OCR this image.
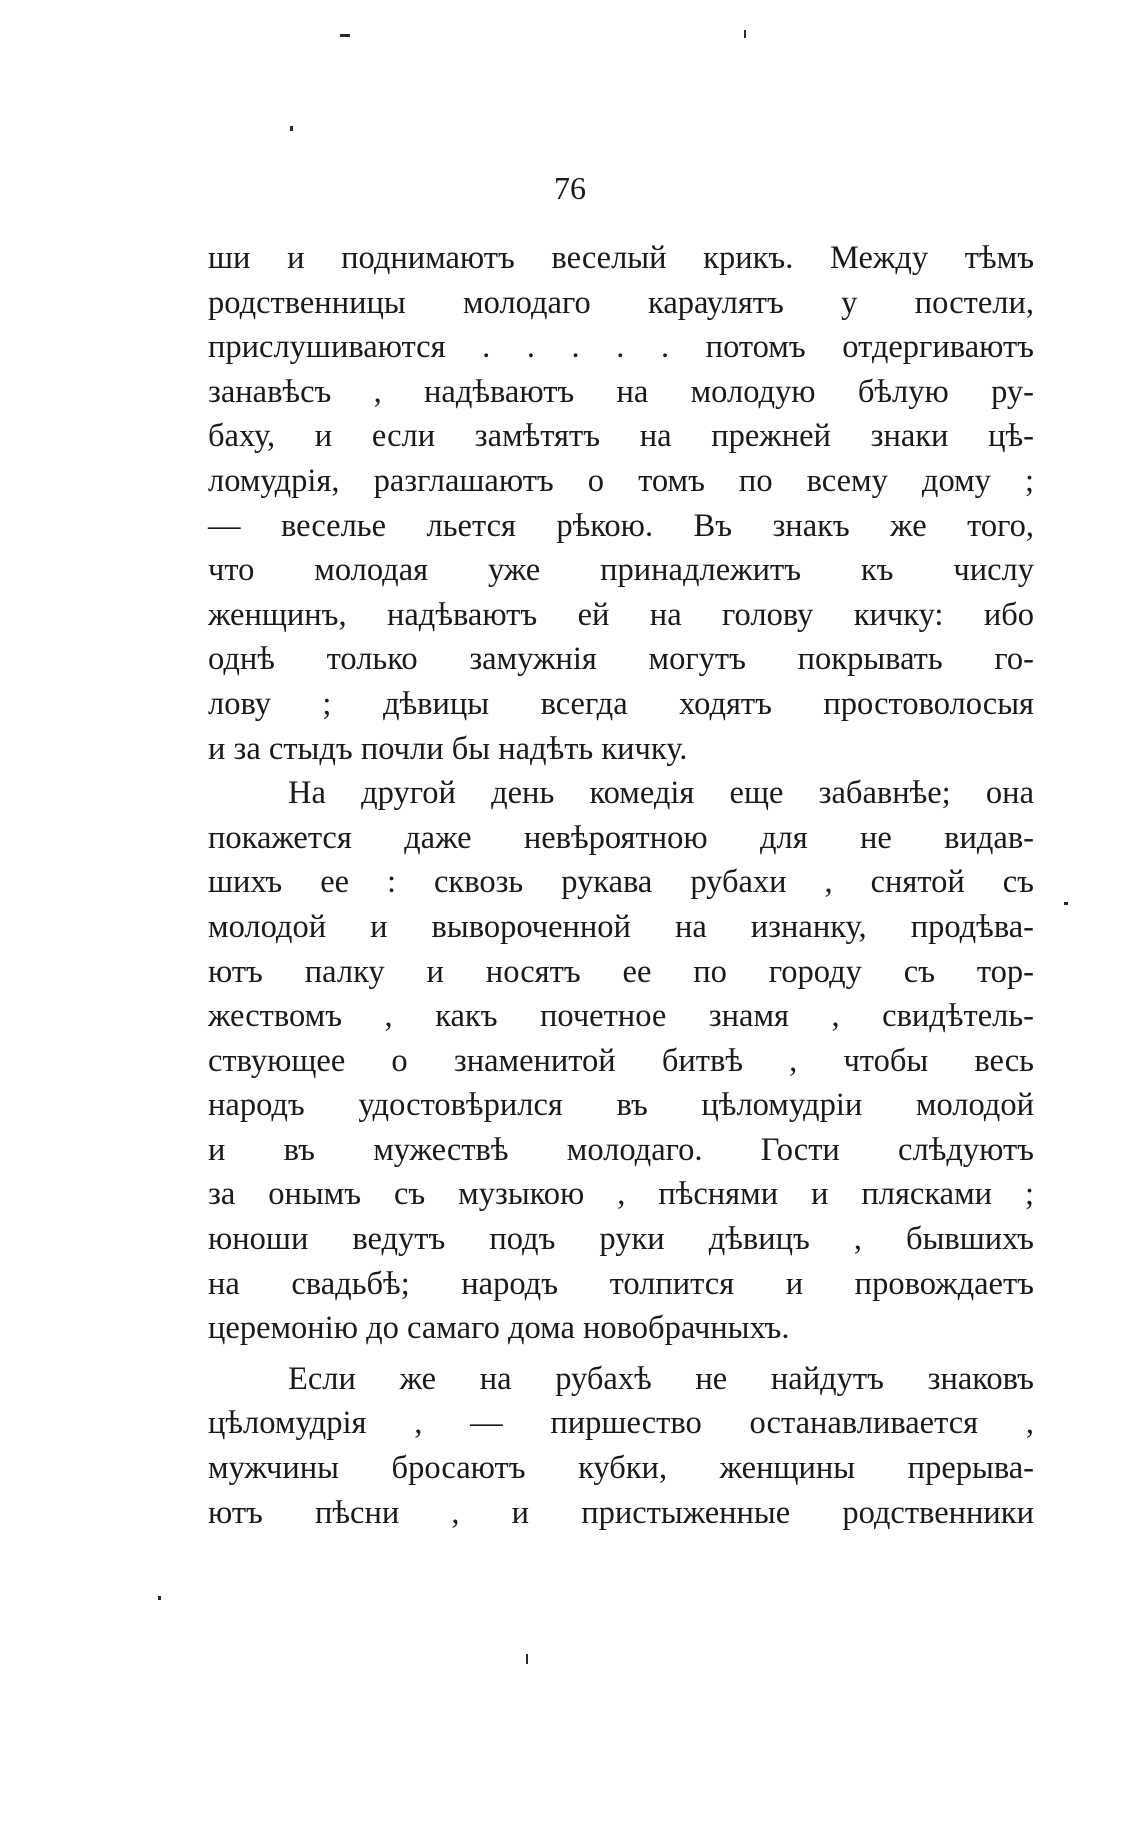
76
ши и поднимаютъ веселый крикъ. Между тѣмъ
родственницы молодаго караулятъ у постели,
прислушиваются . . . . . потомъ отдергиваютъ
занавѣсъ , надѣваютъ на молодую бѣлую ру-
баху, и если замѣтятъ на прежней знаки цѣ-
ломудрія, разглашаютъ о томъ по всему дому ;
— веселье льется рѣкою. Въ знакъ же того,
что молодая уже принадлежитъ къ числу
женщинъ, надѣваютъ ей на голову кичку: ибо
однѣ только замужнія могутъ покрывать го-
лову ; дѣвицы всегда ходятъ простоволосыя
и за стыдъ почли бы надѣть кичку.
На другой день комедія еще забавнѣе; она
покажется даже невѣроятною для не видав-
шихъ ее : сквозь рукава рубахи , снятой съ
молодой и вывороченной на изнанку, продѣва-
ютъ палку и носятъ ее по городу съ тор-
жествомъ , какъ почетное знамя , свидѣтель-
ствующее о знаменитой битвѣ , чтобы весь
народъ удостовѣрился въ цѣломудріи молодой
и въ мужествѣ молодаго. Гости слѣдуютъ
за онымъ съ музыкою , пѣснями и плясками ;
юноши ведутъ подъ руки дѣвицъ , бывшихъ
на свадьбѣ; народъ толпится и провождаетъ
церемонію до самаго дома новобрачныхъ.
Если же на рубахѣ не найдутъ знаковъ
цѣломудрія , — пиршество останавливается ,
мужчины бросаютъ кубки, женщины прерыва-
ютъ пѣсни , и пристыженные родственники
